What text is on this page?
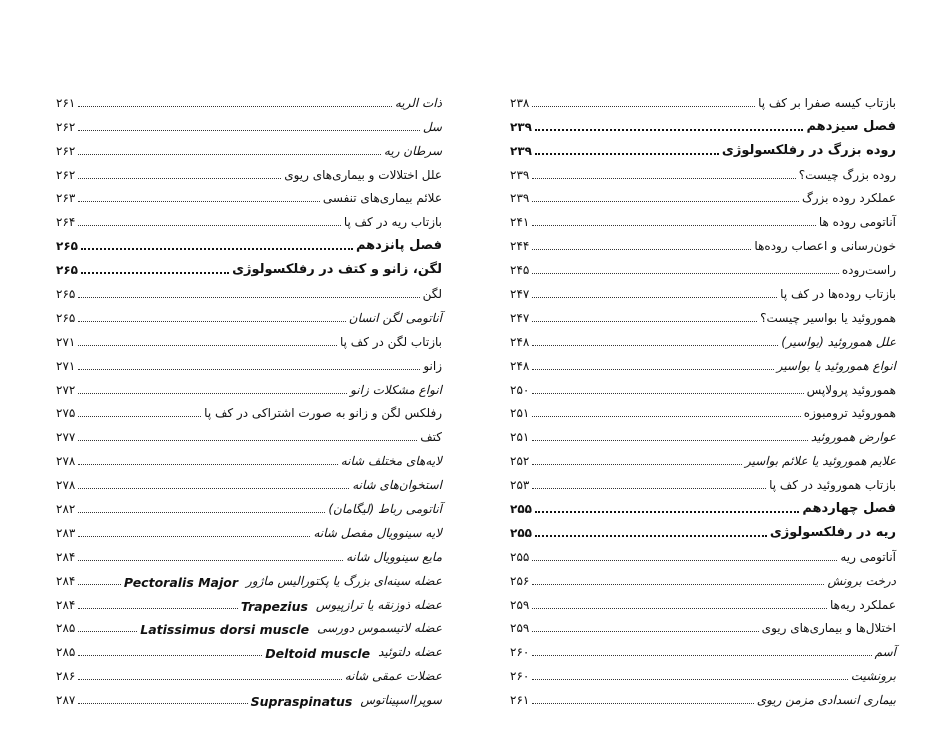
بازتاب کیسه صفرا بر کف پا
۲۳۸
فصل سیزدهم
۲۳۹
روده بزرگ در رفلکسولوژی
۲۳۹
روده بزرگ چیست؟
۲۳۹
عملکرد روده بزرگ
۲۳۹
آناتومی روده ها
۲۴۱
خون‌رسانی و اعصاب روده‌ها
۲۴۴
راست‌روده
۲۴۵
بازتاب روده‌ها در کف پا
۲۴۷
هموروئید یا بواسیر چیست؟
۲۴۷
علل هموروئید (بواسیر)
۲۴۸
انواع هموروئید یا بواسیر
۲۴۸
هموروئید پرولاپس
۲۵۰
هموروئید ترومبوزه
۲۵۱
عوارض هموروئید
۲۵۱
علایم هموروئید یا علائم بواسیر
۲۵۲
بازتاب هموروئید در کف پا
۲۵۳
فصل چهاردهم
۲۵۵
ریه در رفلکسولوژی
۲۵۵
آناتومی ریه
۲۵۵
درخت برونش
۲۵۶
عملکرد ریه‌ها
۲۵۹
اختلال‌ها و بیماری‌های ریوی
۲۵۹
آسم
۲۶۰
برونشیت
۲۶۰
بیماری انسدادی مزمن ریوی
۲۶۱
ذات الریه
۲۶۱
سل
۲۶۲
سرطان ریه
۲۶۲
علل اختلالات و بیماری‌های ریوی
۲۶۲
علائم بیماری‌های تنفسی
۲۶۳
بازتاب ریه در کف پا
۲۶۴
فصل پانزدهم
۲۶۵
لگن، زانو و کتف در رفلکسولوژی
۲۶۵
لگن
۲۶۵
آناتومی لگن انسان
۲۶۵
بازتاب لگن در کف پا
۲۷۱
زانو
۲۷۱
انواع مشکلات زانو
۲۷۲
رفلکس لگن و زانو به صورت اشتراکی در کف پا
۲۷۵
کتف
۲۷۷
لایه‌های مختلف شانه
۲۷۸
استخوان‌های شانه
۲۷۸
آناتومی رباط (لیگامان)
۲۸۲
لایه سینوویال مفصل شانه
۲۸۳
مایع سینوویال شانه
۲۸۴
عضله سینه‌ای بزرگ یا پکتورالیس ماژور
Pectoralis Major
۲۸۴
عضله ذوزنقه یا ترازپیوس
Trapezius
۲۸۴
عضله لاتیسموس دورسی
Latissimus dorsi muscle
۲۸۵
عضله دلتوئید
Deltoid muscle
۲۸۵
عضلات عمقی شانه
۲۸۶
سوپرااسپیناتوس
Supraspinatus
۲۸۷
